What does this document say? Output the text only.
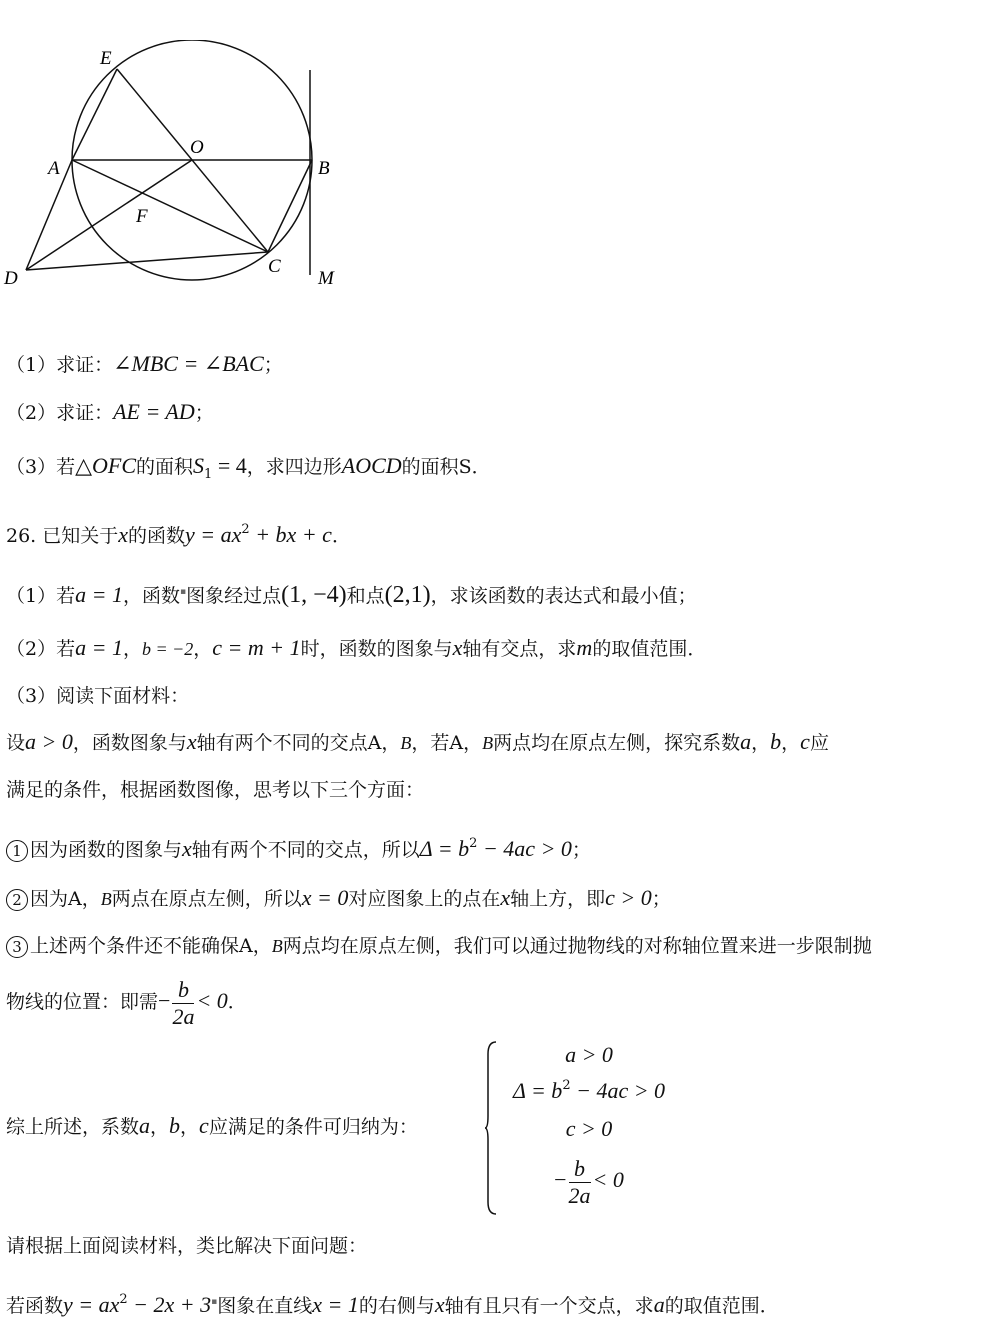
E
O
A	B
F
D
C
M
（1）求证：∠MBC = ∠BAC；
（2）求证：AE = AD；
（3）若△OFC的面积$S_1 = 4$，求四边形AOCD的面积S．
26. 已知关于x的函数$y = ax^2$ + bx + c．
（1）若a = 1，函数▪图象经过点(1, −4)和点(2,1)，求该函数的表达式和最小值；
（2）若a = 1，b = −2，c = m + 1时，函数的图象与x轴有交点，求m的取值范围．
（3）阅读下面材料：
设a > 0，函数图象与x轴有两个不同的交点A，B，若A，B两点均在原点左侧，探究系数a，b，c应
满足的条件，根据函数图像，思考以下三个方面：
1 因为函数的图象与x轴有两个不同的交点，所以$\Delta = b^2 - 4ac > 0$；
2 因为A，B两点在原点左侧，所以x = 0对应图象上的点在x轴上方，即c > 0；
3 上述两个条件还不能确保A，B两点均在原点左侧，我们可以通过抛物线的对称轴位置来进一步限制抛
物线的位置：即需− $\frac{b}{2a} < 0$．
综上所述，系数a，b，c应满足的条件可归纳为：
a > 0
$\Delta = b^2 - 4ac > 0$
c > 0
− $\frac{b}{2a} < 0$
请根据上面阅读材料，类比解决下面问题：
若函数$y = ax^2 - 2x + 3^▪$图象在直线x = 1的右侧与x轴有且只有一个交点，求a的取值范围．
